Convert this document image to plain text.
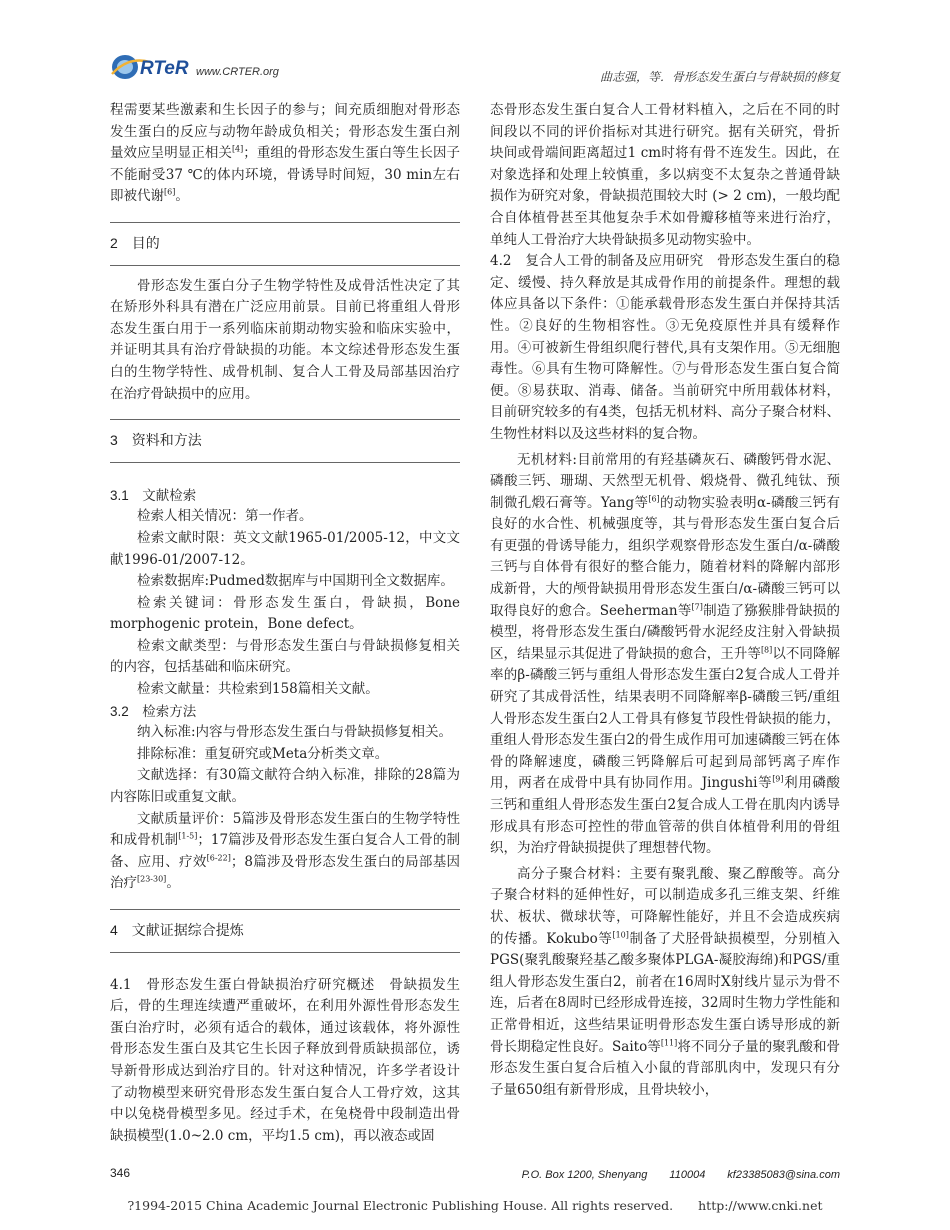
RTeR www.CRTER.org	曲志强，等．骨形态发生蛋白与骨缺损的修复

程需要某些激素和生长因子的参与；间充质细胞对骨形态发生蛋白的反应与动物年龄成负相关；骨形态发生蛋白剂量效应呈明显正相关[4]；重组的骨形态发生蛋白等生长因子不能耐受37 ℃的体内环境，骨诱导时间短，30 min左右即被代谢[6]。

2　目的

骨形态发生蛋白分子生物学特性及成骨活性决定了其在矫形外科具有潜在广泛应用前景。目前已将重组人骨形态发生蛋白用于一系列临床前期动物实验和临床实验中，并证明其具有治疗骨缺损的功能。本文综述骨形态发生蛋白的生物学特性、成骨机制、复合人工骨及局部基因治疗在治疗骨缺损中的应用。

3　资料和方法

3.1　文献检索

检索人相关情况：第一作者。

检索文献时限：英文文献1965-01/2005-12，中文文献1996-01/2007-12。

检索数据库:Pudmed数据库与中国期刊全文数据库。

检索关键词：骨形态发生蛋白，骨缺损，Bone morphogenic protein，Bone defect。

检索文献类型：与骨形态发生蛋白与骨缺损修复相关的内容，包括基础和临床研究。

检索文献量：共检索到158篇相关文献。

3.2　检索方法

纳入标准:内容与骨形态发生蛋白与骨缺损修复相关。

排除标准：重复研究或Meta分析类文章。

文献选择：有30篇文献符合纳入标准，排除的28篇为内容陈旧或重复文献。

文献质量评价：5篇涉及骨形态发生蛋白的生物学特性和成骨机制[1-5]；17篇涉及骨形态发生蛋白复合人工骨的制备、应用、疗效[6-22]；8篇涉及骨形态发生蛋白的局部基因治疗[23-30]。

4　文献证据综合提炼

4.1　骨形态发生蛋白骨缺损治疗研究概述　骨缺损发生后，骨的生理连续遭严重破坏，在利用外源性骨形态发生蛋白治疗时，必须有适合的载体，通过该载体，将外源性骨形态发生蛋白及其它生长因子释放到骨质缺损部位，诱导新骨形成达到治疗目的。针对这种情况，许多学者设计了动物模型来研究骨形态发生蛋白复合人工骨疗效，这其中以兔桡骨模型多见。经过手术，在兔桡骨中段制造出骨缺损模型(1.0~2.0 cm，平均1.5 cm)，再以液态或固

态骨形态发生蛋白复合人工骨材料植入，之后在不同的时间段以不同的评价指标对其进行研究。据有关研究，骨折块间或骨端间距离超过1 cm时将有骨不连发生。因此，在对象选择和处理上较慎重，多以病变不太复杂之普通骨缺损作为研究对象，骨缺损范围较大时 (> 2 cm)，一般均配合自体植骨甚至其他复杂手术如骨瓣移植等来进行治疗，单纯人工骨治疗大块骨缺损多见动物实验中。

4.2　复合人工骨的制备及应用研究　骨形态发生蛋白的稳定、缓慢、持久释放是其成骨作用的前提条件。理想的载体应具备以下条件：①能承载骨形态发生蛋白并保持其活性。②良好的生物相容性。③无免疫原性并具有缓释作用。④可被新生骨组织爬行替代,具有支架作用。⑤无细胞毒性。⑥具有生物可降解性。⑦与骨形态发生蛋白复合简便。⑧易获取、消毒、储备。当前研究中所用载体材料，目前研究较多的有4类，包括无机材料、高分子聚合材料、生物性材料以及这些材料的复合物。

无机材料:目前常用的有羟基磷灰石、磷酸钙骨水泥、磷酸三钙、珊瑚、天然型无机骨、煅烧骨、微孔纯钛、预制微孔煅石膏等。Yang等[6]的动物实验表明α-磷酸三钙有良好的水合性、机械强度等，其与骨形态发生蛋白复合后有更强的骨诱导能力，组织学观察骨形态发生蛋白/α-磷酸三钙与自体骨有很好的整合能力，随着材料的降解内部形成新骨，大的颅骨缺损用骨形态发生蛋白/α-磷酸三钙可以取得良好的愈合。Seeherman等[7]制造了猕猴腓骨缺损的模型，将骨形态发生蛋白/磷酸钙骨水泥经皮注射入骨缺损区，结果显示其促进了骨缺损的愈合，王升等[8]以不同降解率的β-磷酸三钙与重组人骨形态发生蛋白2复合成人工骨并研究了其成骨活性，结果表明不同降解率β-磷酸三钙/重组人骨形态发生蛋白2人工骨具有修复节段性骨缺损的能力，重组人骨形态发生蛋白2的骨生成作用可加速磷酸三钙在体骨的降解速度，磷酸三钙降解后可起到局部钙离子库作用，两者在成骨中具有协同作用。Jingushi等[9]利用磷酸三钙和重组人骨形态发生蛋白2复合成人工骨在肌肉内诱导形成具有形态可控性的带血管蒂的供自体植骨利用的骨组织，为治疗骨缺损提供了理想替代物。

高分子聚合材料：主要有聚乳酸、聚乙醇酸等。高分子聚合材料的延伸性好，可以制造成多孔三维支架、纤维状、板状、微球状等，可降解性能好，并且不会造成疾病的传播。Kokubo等[10]制备了犬胫骨缺损模型，分别植入PGS(聚乳酸聚羟基乙酸多聚体PLGA-凝胶海绵)和PGS/重组人骨形态发生蛋白2，前者在16周时X射线片显示为骨不连，后者在8周时已经形成骨连接，32周时生物力学性能和正常骨相近，这些结果证明骨形态发生蛋白诱导形成的新骨长期稳定性良好。Saito等[11]将不同分子量的聚乳酸和骨形态发生蛋白复合后植入小鼠的背部肌肉中，发现只有分子量650组有新骨形成，且骨块较小，

346	P.O. Box 1200, Shenyang　　110004　　kf23385083@sina.com
?1994-2015 China Academic Journal Electronic Publishing House. All rights reserved.　　http://www.cnki.net
